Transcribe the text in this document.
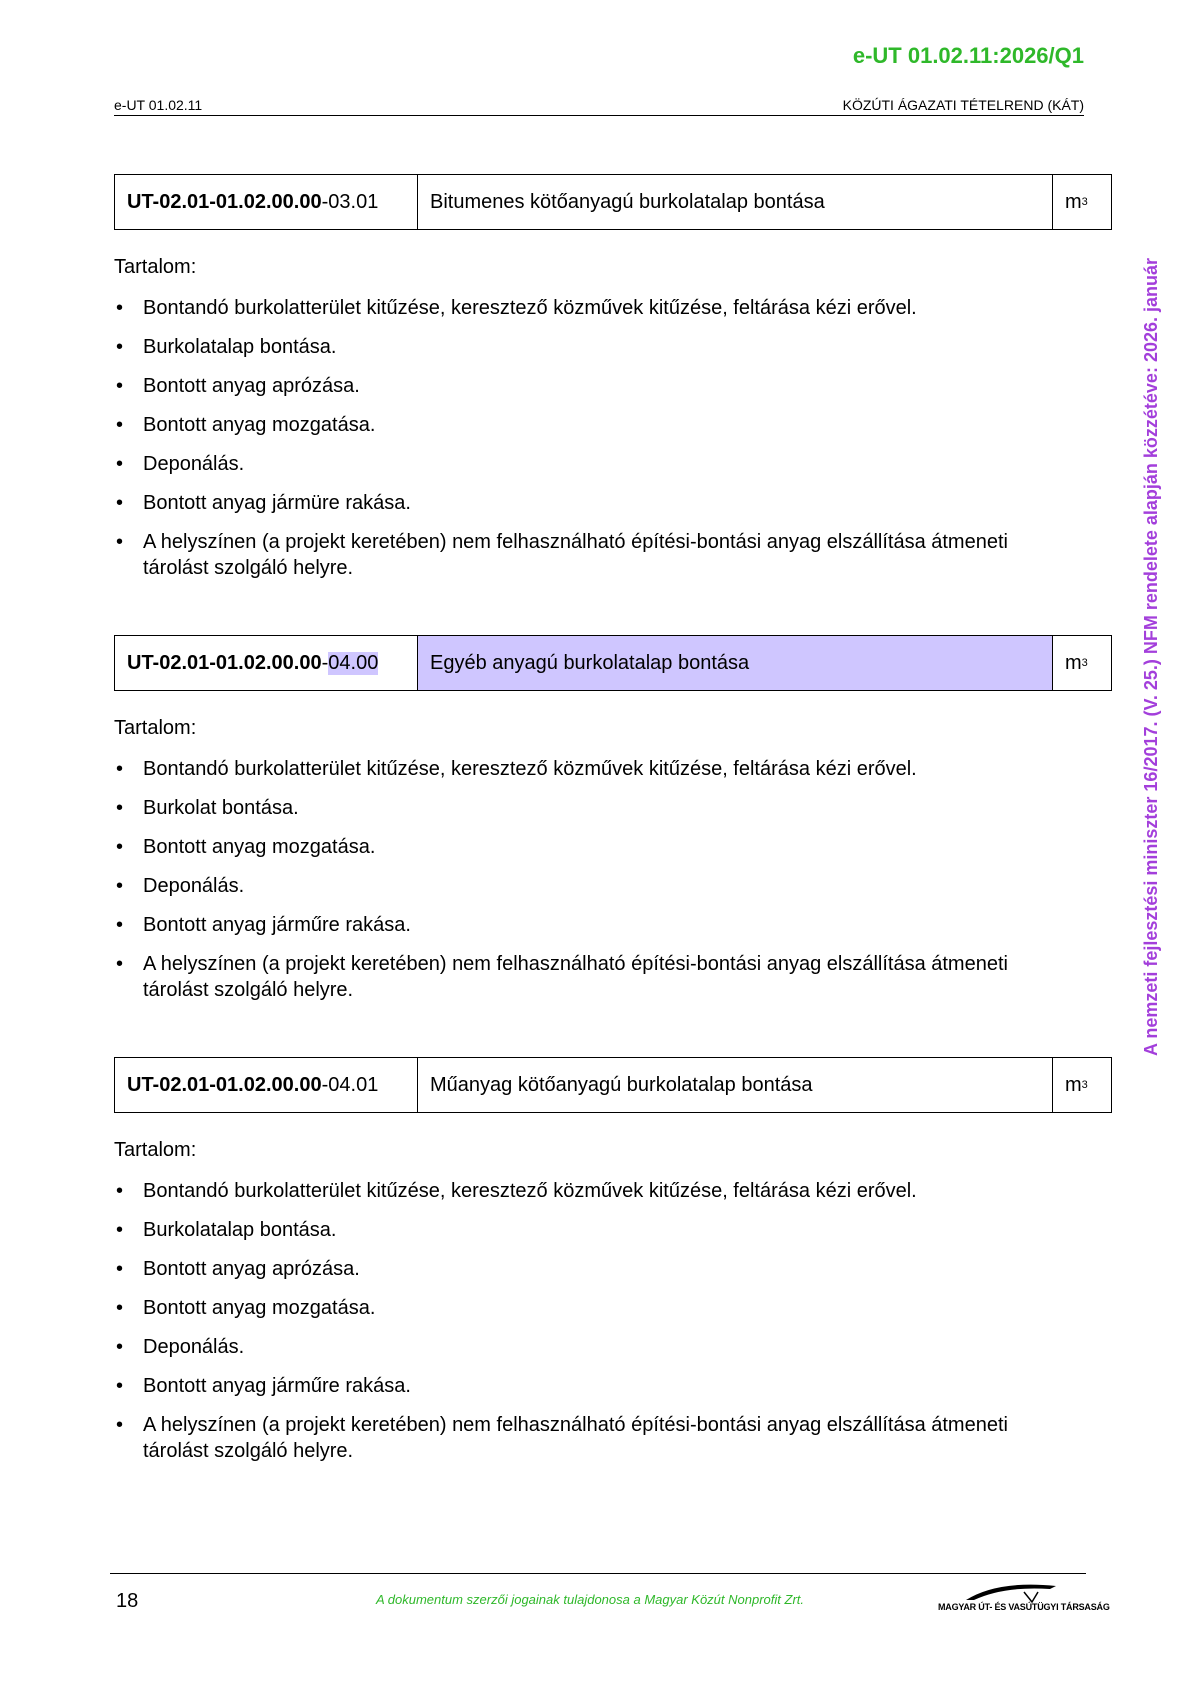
e-UT 01.02.11:2026/Q1
e-UT 01.02.11	KÖZÚTI ÁGAZATI TÉTELREND (KÁT)
UT-02.01-01.02.00.00 - 03.01	Bitumenes kötőanyagú burkolatalap bontása	m 3
Tartalom:
• Bontandó burkolatterület kitűzése, keresztező közművek kitűzése, feltárása kézi erővel.
• Burkolatalap bontása.
• Bontott anyag aprózása.
• Bontott anyag mozgatása.
• Deponálás.
• Bontott anyag jármüre rakása.
• A helyszínen (a projekt keretében) nem felhasználható építési-bontási anyag elszállítása átmeneti tárolást szolgáló helyre.
UT-02.01-01.02.00.00 - 04.00	Egyéb anyagú burkolatalap bontása	m 3
Tartalom:
• Bontandó burkolatterület kitűzése, keresztező közművek kitűzése, feltárása kézi erővel.
• Burkolat bontása.
• Bontott anyag mozgatása.
• Deponálás.
• Bontott anyag járműre rakása.
• A helyszínen (a projekt keretében) nem felhasználható építési-bontási anyag elszállítása átmeneti tárolást szolgáló helyre.
UT-02.01-01.02.00.00 - 04.01	Műanyag kötőanyagú burkolatalap bontása	m 3
Tartalom:
• Bontandó burkolatterület kitűzése, keresztező közművek kitűzése, feltárása kézi erővel.
• Burkolatalap bontása.
• Bontott anyag aprózása.
• Bontott anyag mozgatása.
• Deponálás.
• Bontott anyag járműre rakása.
• A helyszínen (a projekt keretében) nem felhasználható építési-bontási anyag elszállítása átmeneti tárolást szolgáló helyre.
A nemzeti fejlesztési miniszter 16/2017. (V. 25.) NFM rendelete alapján közzétéve: 2026. január
18	A dokumentum szerzői jogainak tulajdonosa a Magyar Közút Nonprofit Zrt.	MAGYAR ÚT- ÉS VASÚTÜGYI TÁRSASÁG
